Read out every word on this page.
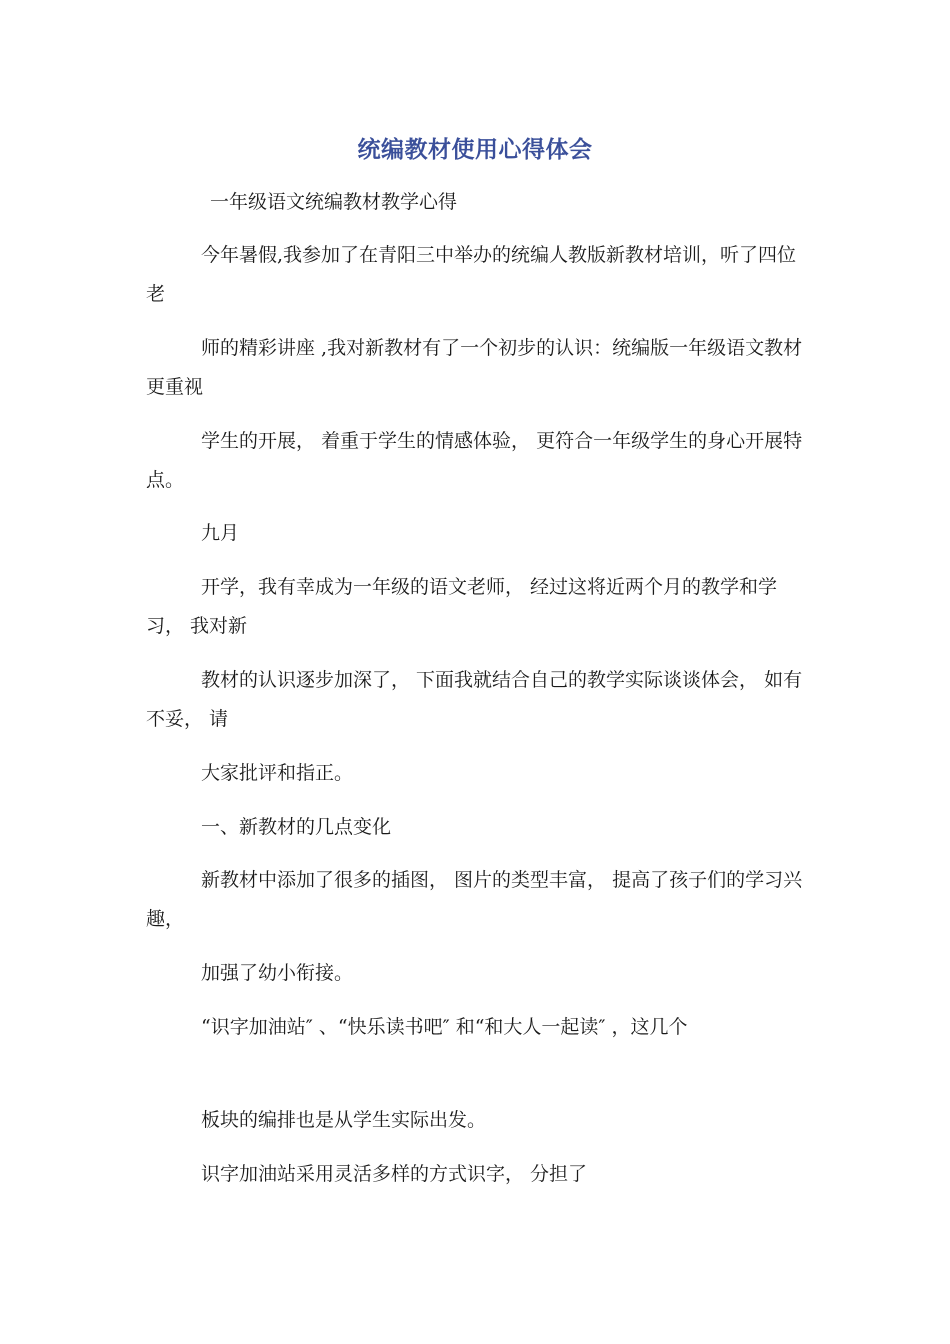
统编教材使用心得体会
一年级语文统编教材教学心得
今年暑假,我参加了在青阳三中举办的统编人教版新教材培训，听了四位老
师的精彩讲座 ,我对新教材有了一个初步的认识：统编版一年级语文教材更重视
学生的开展， 着重于学生的情感体验， 更符合一年级学生的身心开展特点。
九月
开学，我有幸成为一年级的语文老师， 经过这将近两个月的教学和学习， 我对新
教材的认识逐步加深了， 下面我就结合自己的教学实际谈谈体会， 如有不妥， 请
大家批评和指正。
一、新教材的几点变化
新教材中添加了很多的插图， 图片的类型丰富， 提高了孩子们的学习兴趣，
加强了幼小衔接。
“识字加油站″ 、“快乐读书吧″ 和“和大人一起读″ ，这几个
板块的编排也是从学生实际出发。
识字加油站采用灵活多样的方式识字， 分担了
